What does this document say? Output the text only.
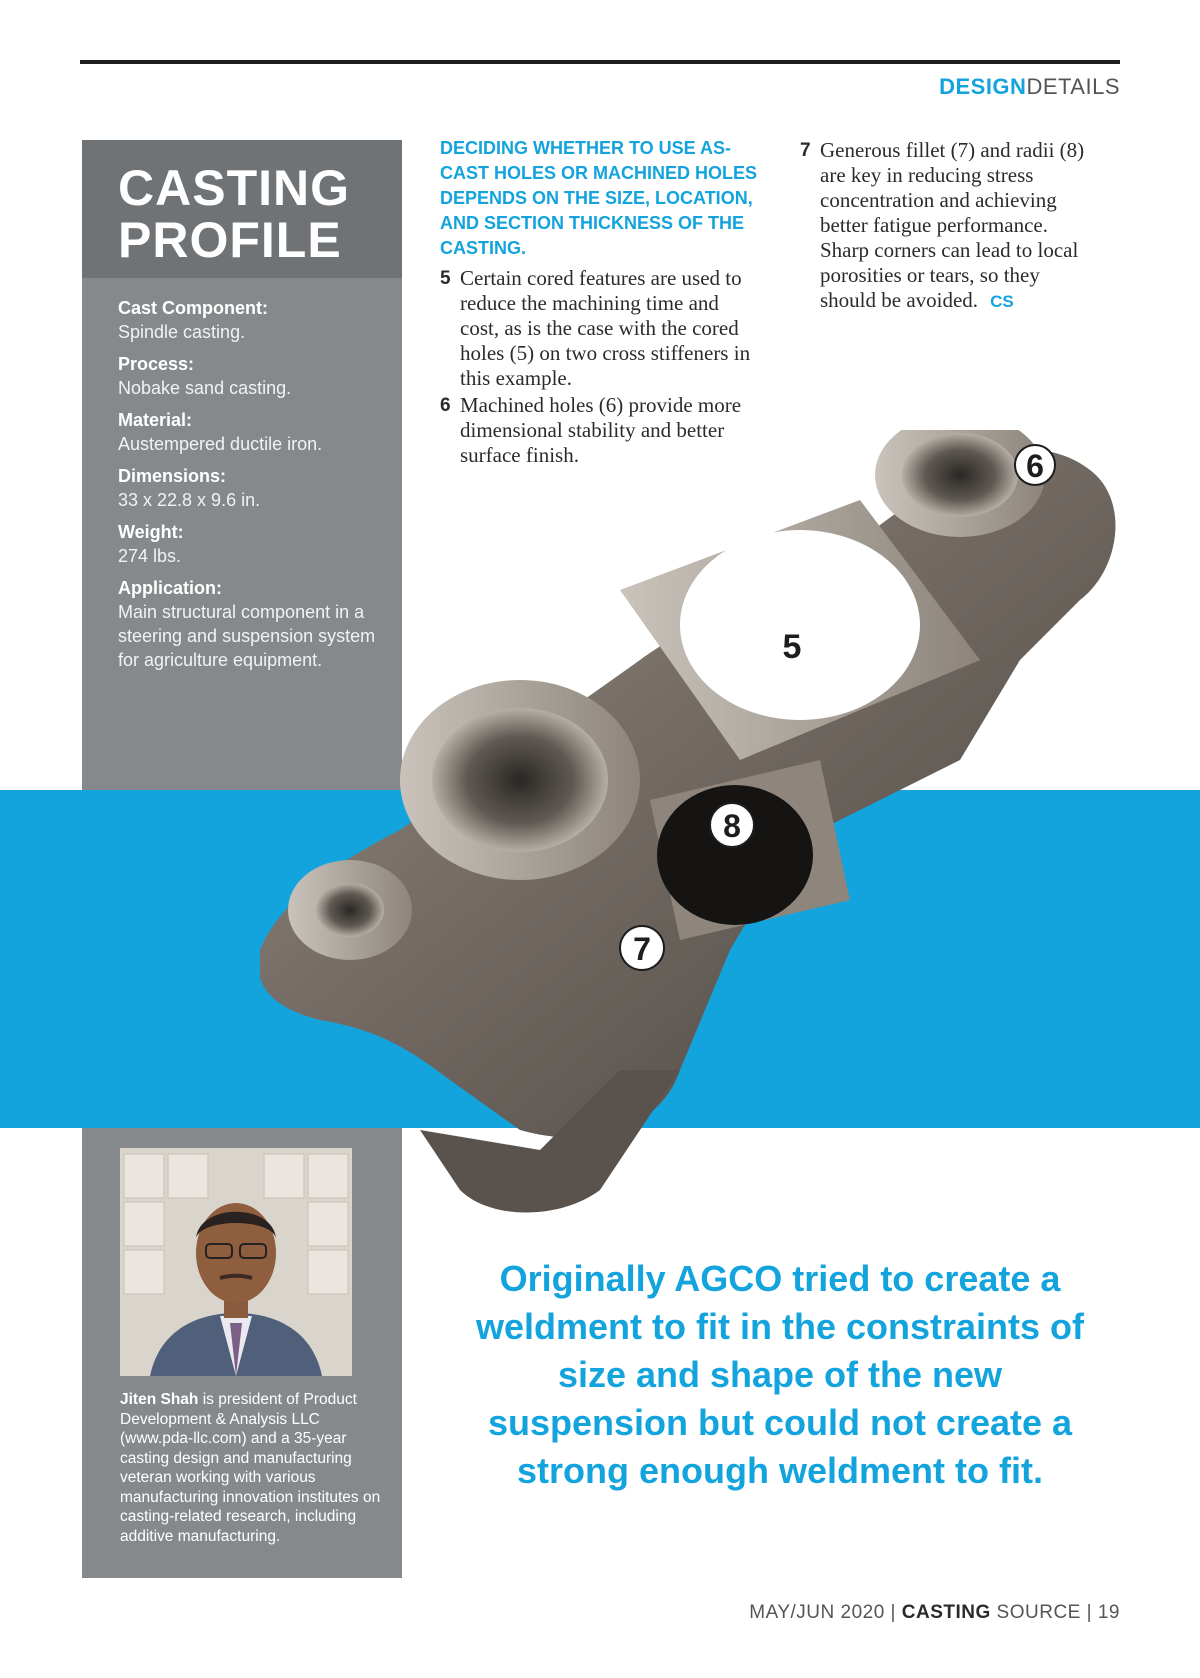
DESIGNDETAILS
CASTING
PROFILE
Cast Component:
Spindle casting.
Process:
Nobake sand casting.
Material:
Austempered ductile iron.
Dimensions:
33 x 22.8 x 9.6 in.
Weight:
274 lbs.
Application:
Main structural component in a steering and suspension system for agriculture equipment.
DECIDING WHETHER TO USE AS-CAST HOLES OR MACHINED HOLES DEPENDS ON THE SIZE, LOCATION, AND SECTION THICKNESS OF THE CASTING.
5 Certain cored features are used to reduce the machining time and cost, as is the case with the cored holes (5) on two cross stiffeners in this example.
6 Machined holes (6) provide more dimensional stability and better surface finish.
7 Generous fillet (7) and radii (8) are key in reducing stress concentration and achieving better fatigue performance. Sharp corners can lead to local porosities or tears, so they should be avoided. CS
6
5
8
7
Jiten Shah is president of Product Development & Analysis LLC (www.pda-llc.com) and a 35-year casting design and manufacturing veteran working with various manufacturing innovation institutes on casting-related research, including additive manufacturing.
Originally AGCO tried to create a weldment to fit in the constraints of size and shape of the new suspension but could not create a strong enough weldment to fit.
MAY/JUN 2020 | CASTING SOURCE | 19
